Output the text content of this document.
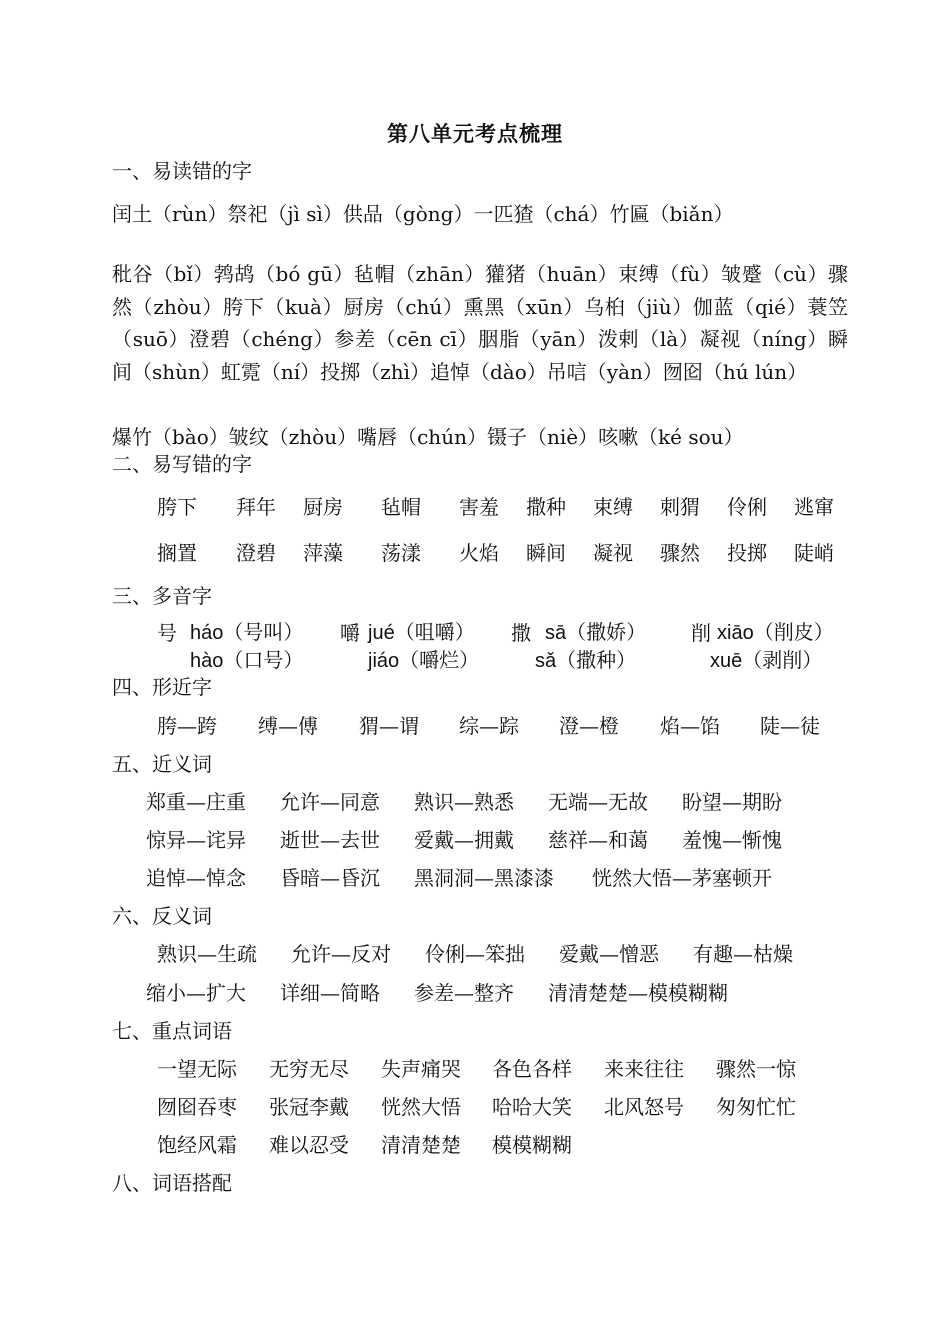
第八单元考点梳理
一、易读错的字
闰土（rùn）祭祀（jì sì）供品（gòng）一匹猹（chá）竹匾（biǎn）
秕谷（bǐ）鹁鸪（bó gū）毡帽（zhān）獾猪（huān）束缚（fù）皱蹙（cù）骤然（zhòu）胯下（kuà）厨房（chú）熏黑（xūn）乌桕（jiù）伽蓝（qié）蓑笠（suō）澄碧（chéng）参差（cēn cī）胭脂（yān）泼剌（là）凝视（níng）瞬间（shùn）虹霓（ní）投掷（zhì）追悼（dào）吊唁（yàn）囫囵（hú lún）
爆竹（bào）皱纹（zhòu）嘴唇（chún）镊子（niè）咳嗽（ké sou）
二、易写错的字
胯下 拜年 厨房 毡帽 害羞 撒种 束缚 刺猬 伶俐 逃窜
搁置 澄碧 萍藻 荡漾 火焰 瞬间 凝视 骤然 投掷 陡峭
三、多音字
号 háo（号叫） 嚼 jué（咀嚼） 撒 sā（撒娇） 削 xiāo（削皮）
hào（口号）	jiáo（嚼烂）	sǎ（撒种）	xuē（剥削）
四、形近字
胯—跨 缚—傅 猬—谓 综—踪 澄—橙 焰—馅 陡—徒
五、近义词
郑重—庄重 允许—同意 熟识—熟悉 无端—无故 盼望—期盼
惊异—诧异 逝世—去世 爱戴—拥戴 慈祥—和蔼 羞愧—惭愧
追悼—悼念 昏暗—昏沉 黑洞洞—黑漆漆 恍然大悟—茅塞顿开
六、反义词
熟识—生疏 允许—反对 伶俐—笨拙 爱戴—憎恶 有趣—枯燥
缩小—扩大 详细—简略 参差—整齐 清清楚楚—模模糊糊
七、重点词语
一望无际 无穷无尽 失声痛哭 各色各样 来来往往 骤然一惊
囫囵吞枣 张冠李戴 恍然大悟 哈哈大笑 北风怒号 匆匆忙忙
饱经风霜 难以忍受 清清楚楚 模模糊糊
八、词语搭配
